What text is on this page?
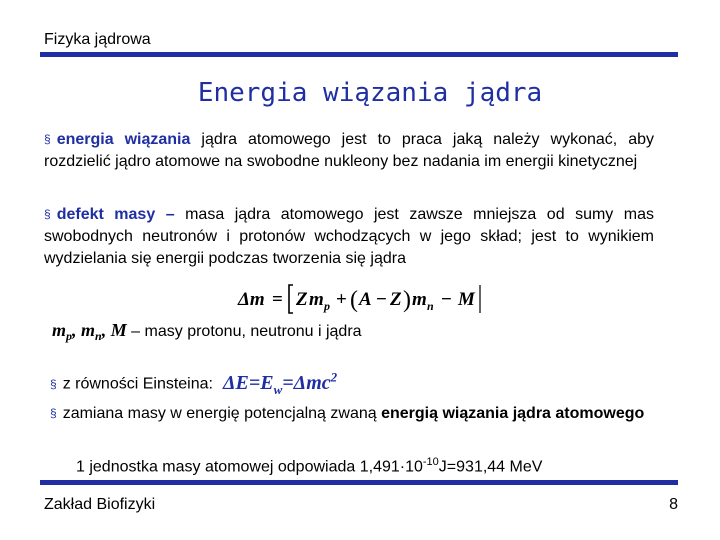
Fizyka jądrowa
Energia wiązania jądra
§ energia wiązania jądra atomowego jest to praca jaką należy wykonać, aby rozdzielić jądro atomowe na swobodne nukleony bez nadania im energii kinetycznej
§ defekt masy – masa jądra atomowego jest zawsze mniejsza od sumy mas swobodnych neutronów i protonów wchodzących w jego skład; jest to wynikiem wydzielania się energii podczas tworzenia się jądra
Δm = Z m p + ( A − Z ) m n − M
$m_p$, $m_n$, M – masy protonu, neutronu i jądra
§ z równości Einsteina: $\Delta E=E_w=\Delta mc^2$
§ zamiana masy w energię potencjalną zwaną energią wiązania jądra atomowego
1 jednostka masy atomowej odpowiada $1,491\cdot 10^{-10}J=931,44$ MeV
Zakład Biofizyki	8
